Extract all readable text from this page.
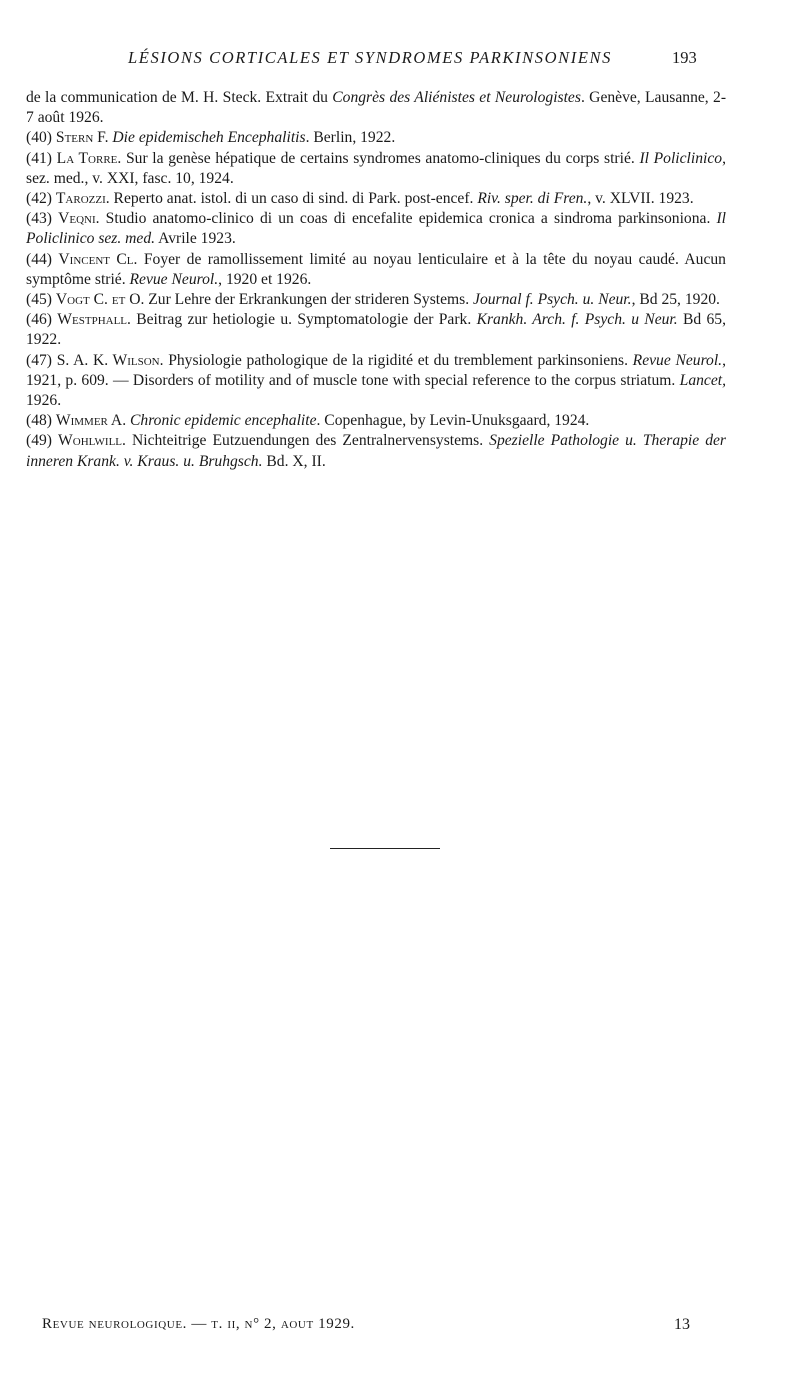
LÉSIONS CORTICALES ET SYNDROMES PARKINSONIENS	193

de la communication de M. H. Steck. Extrait du Congrès des Aliénistes et Neurologistes. Genève, Lausanne, 2-7 août 1926.

(40) Stern F. Die epidemischeh Encephalitis. Berlin, 1922.

(41) La Torre. Sur la genèse hépatique de certains syndromes anatomo-cliniques du corps strié. Il Policlinico, sez. med., v. XXI, fasc. 10, 1924.

(42) Tarozzi. Reperto anat. istol. di un caso di sind. di Park. post-encef. Riv. sper. di Fren., v. XLVII. 1923.

(43) Veqni. Studio anatomo-clinico di un coas di encefalite epidemica cronica a sindroma parkinsoniona. Il Policlinico sez. med. Avrile 1923.

(44) Vincent Cl. Foyer de ramollissement limité au noyau lenticulaire et à la tête du noyau caudé. Aucun symptôme strié. Revue Neurol., 1920 et 1926.

(45) Vogt C. et O. Zur Lehre der Erkrankungen der strideren Systems. Journal f. Psych. u. Neur., Bd 25, 1920.

(46) Westphall. Beitrag zur hetiologie u. Symptomatologie der Park. Krankh. Arch. f. Psych. u Neur. Bd 65, 1922.

(47) S. A. K. Wilson. Physiologie pathologique de la rigidité et du tremblement parkinsoniens. Revue Neurol., 1921, p. 609. — Disorders of motility and of muscle tone with special reference to the corpus striatum. Lancet, 1926.

(48) Wimmer A. Chronic epidemic encephalite. Copenhague, by Levin-Unuksgaard, 1924.

(49) Wohlwill. Nichteitrige Eutzuendungen des Zentralnervensystems. Spezielle Pathologie u. Therapie der inneren Krank. v. Kraus. u. Bruhgsch. Bd. X, II.

Revue neurologique. — t. ii, n° 2, aout 1929.	13
